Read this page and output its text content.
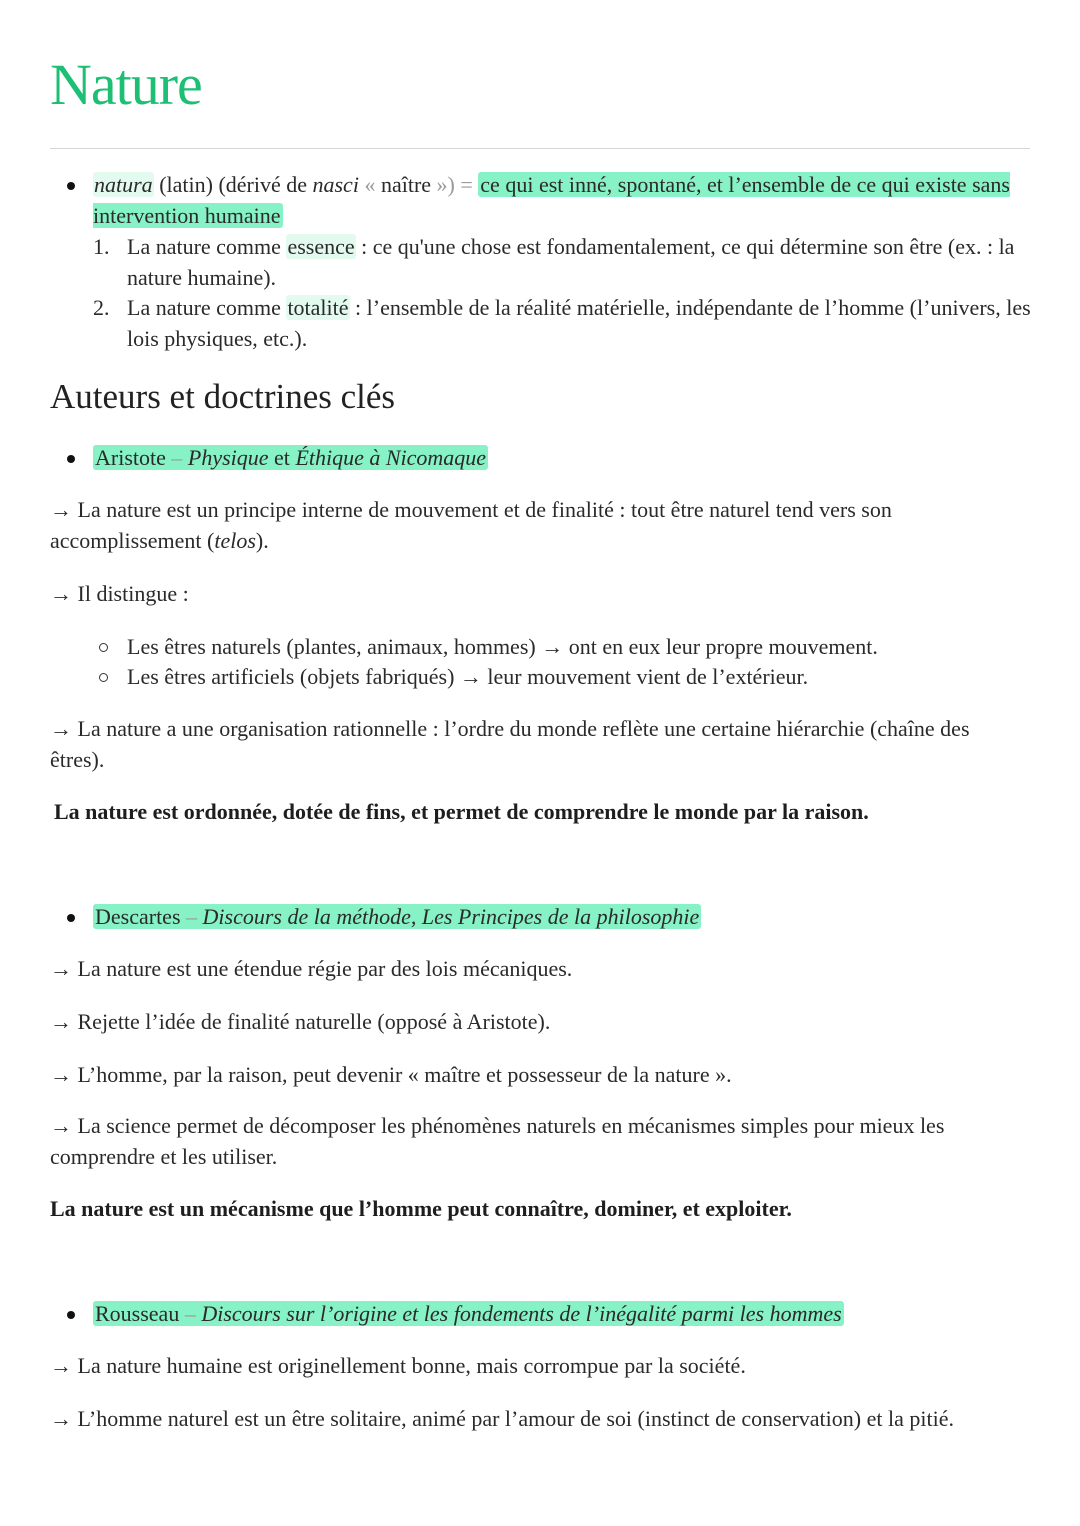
Nature
natura (latin) (dérivé de nasci « naître ») = ce qui est inné, spontané, et l’ensemble de ce qui existe sans intervention humaine
1. La nature comme essence : ce qu'une chose est fondamentalement, ce qui détermine son être (ex. : la nature humaine).
2. La nature comme totalité : l’ensemble de la réalité matérielle, indépendante de l’homme (l’univers, les lois physiques, etc.).
Auteurs et doctrines clés
Aristote – Physique et Éthique à Nicomaque
→ La nature est un principe interne de mouvement et de finalité : tout être naturel tend vers son accomplissement (telos).
→ Il distingue :
Les êtres naturels (plantes, animaux, hommes) → ont en eux leur propre mouvement.
Les êtres artificiels (objets fabriqués) → leur mouvement vient de l’extérieur.
→ La nature a une organisation rationnelle : l’ordre du monde reflète une certaine hiérarchie (chaîne des êtres).
La nature est ordonnée, dotée de fins, et permet de comprendre le monde par la raison.
Descartes – Discours de la méthode, Les Principes de la philosophie
→ La nature est une étendue régie par des lois mécaniques.
→ Rejette l’idée de finalité naturelle (opposé à Aristote).
→ L’homme, par la raison, peut devenir « maître et possesseur de la nature ».
→ La science permet de décomposer les phénomènes naturels en mécanismes simples pour mieux les comprendre et les utiliser.
La nature est un mécanisme que l’homme peut connaître, dominer, et exploiter.
Rousseau – Discours sur l’origine et les fondements de l’inégalité parmi les hommes
→ La nature humaine est originellement bonne, mais corrompue par la société.
→ L’homme naturel est un être solitaire, animé par l’amour de soi (instinct de conservation) et la pitié.
